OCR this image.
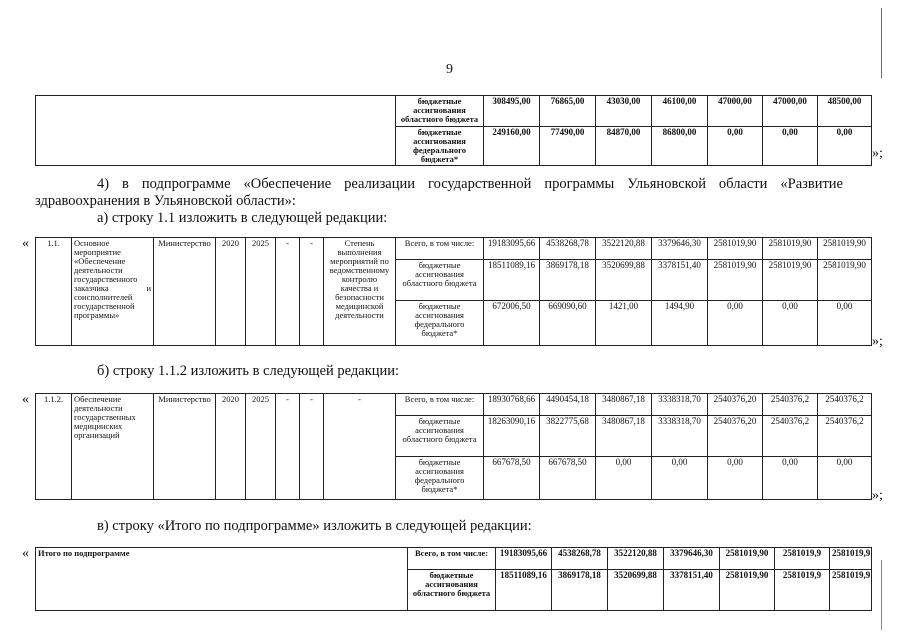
9
	бюджетные ассигнования областного бюджета	308495,00	76865,00	43030,00	46100,00	47000,00	47000,00	48500,00
	бюджетные ассигнования федерального бюджета*	249160,00	77490,00	84870,00	86800,00	0,00	0,00	0,00
»;
4) в подпрограмме «Обеспечение реализации государственной программы Ульяновской области «Развитие здравоохранения в Ульяновской области»:
а) строку 1.1 изложить в следующей редакции:
« 1.1.	Основное мероприятие «Обеспечение деятельности государственного заказчика и соисполнителей государственной программы»	Министерство	2020	2025	-	-	Степень выполнения мероприятий по ведомственному контролю качества и безопасности медицинской деятельности	Всего, в том числе:	19183095,66	4538268,78	3522120,88	3379646,30	2581019,90	2581019,90	2581019,90
								бюджетные ассигнования областного бюджета	18511089,16	3869178,18	3520699,88	3378151,40	2581019,90	2581019,90	2581019,90
								бюджетные ассигнования федерального бюджета*	672006,50	669090,60	1421,00	1494,90	0,00	0,00	0,00
»;
б) строку 1.1.2 изложить в следующей редакции:
« 1.1.2.	Обеспечение деятельности государственных медицинских организаций	Министерство	2020	2025	-	-	-	Всего, в том числе:	18930768,66	4490454,18	3480867,18	3338318,70	2540376,20	2540376,2	2540376,2
								бюджетные ассигнования областного бюджета	18263090,16	3822775,68	3480867,18	3338318,70	2540376,20	2540376,2	2540376,2
								бюджетные ассигнования федерального бюджета*	667678,50	667678,50	0,00	0,00	0,00	0,00	0,00
»;
в) строку «Итого по подпрограмме» изложить в следующей редакции:
« Итого по подпрограмме	Всего, в том числе:	19183095,66	4538268,78	3522120,88	3379646,30	2581019,90	2581019,9	2581019,9
	бюджетные ассигнования областного бюджета	18511089,16	3869178,18	3520699,88	3378151,40	2581019,90	2581019,9	2581019,9
